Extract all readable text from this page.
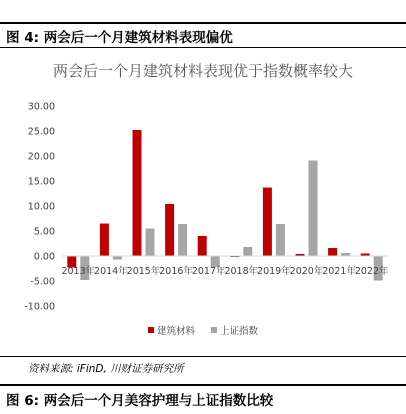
图 4: 两会后一个月建筑材料表现偏优
两会后一个月建筑材料表现优于指数概率较大
30.00
25.00
20.00
15.00
10.00
5.00
0.00
-5.00
-10.00
2013年
2014年
2015年
2016年
2017年
2018年
2019年
2020年
2021年
2022年
建筑材料	上证指数
资料来源: iFinD, 川财证券研究所
图 6: 两会后一个月美容护理与上证指数比较
